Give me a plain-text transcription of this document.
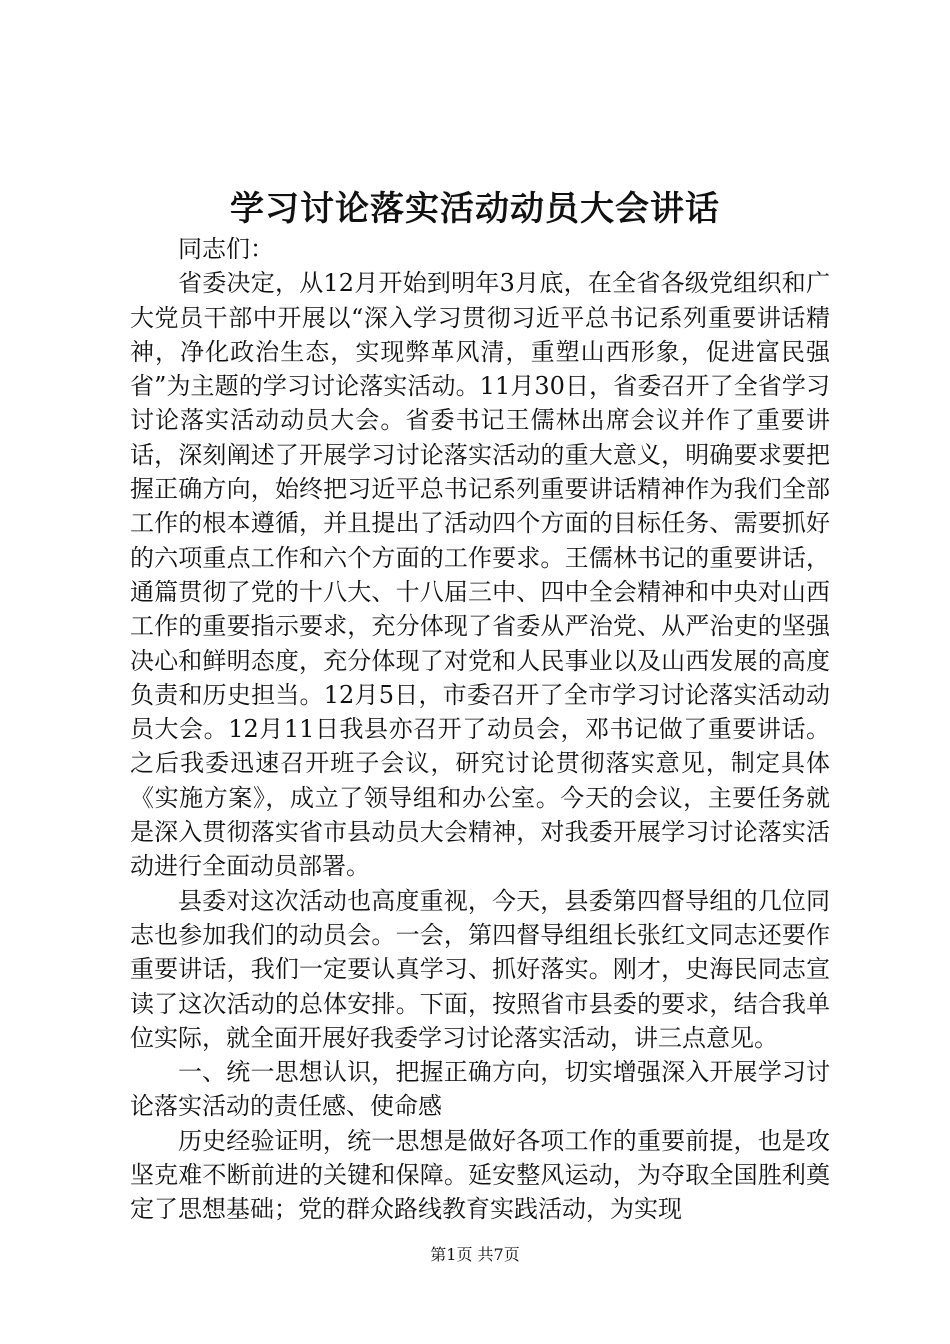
学习讨论落实活动动员大会讲话

同志们：

省委决定，从12月开始到明年3月底，在全省各级党组织和广大党员干部中开展以“深入学习贯彻习近平总书记系列重要讲话精神，净化政治生态，实现弊革风清，重塑山西形象，促进富民强省”为主题的学习讨论落实活动。11月30日，省委召开了全省学习讨论落实活动动员大会。省委书记王儒林出席会议并作了重要讲话，深刻阐述了开展学习讨论落实活动的重大意义，明确要求要把握正确方向，始终把习近平总书记系列重要讲话精神作为我们全部工作的根本遵循，并且提出了活动四个方面的目标任务、需要抓好的六项重点工作和六个方面的工作要求。王儒林书记的重要讲话，通篇贯彻了党的十八大、十八届三中、四中全会精神和中央对山西工作的重要指示要求，充分体现了省委从严治党、从严治吏的坚强决心和鲜明态度，充分体现了对党和人民事业以及山西发展的高度负责和历史担当。12月5日，市委召开了全市学习讨论落实活动动员大会。12月11日我县亦召开了动员会，邓书记做了重要讲话。之后我委迅速召开班子会议，研究讨论贯彻落实意见，制定具体《实施方案》，成立了领导组和办公室。今天的会议，主要任务就是深入贯彻落实省市县动员大会精神，对我委开展学习讨论落实活动进行全面动员部署。

县委对这次活动也高度重视，今天，县委第四督导组的几位同志也参加我们的动员会。一会，第四督导组组长张红文同志还要作重要讲话，我们一定要认真学习、抓好落实。刚才，史海民同志宣读了这次活动的总体安排。下面，按照省市县委的要求，结合我单位实际，就全面开展好我委学习讨论落实活动，讲三点意见。

一、统一思想认识，把握正确方向，切实增强深入开展学习讨论落实活动的责任感、使命感

历史经验证明，统一思想是做好各项工作的重要前提，也是攻坚克难不断前进的关键和保障。延安整风运动，为夺取全国胜利奠定了思想基础；党的群众路线教育实践活动，为实现

第1页 共7页
